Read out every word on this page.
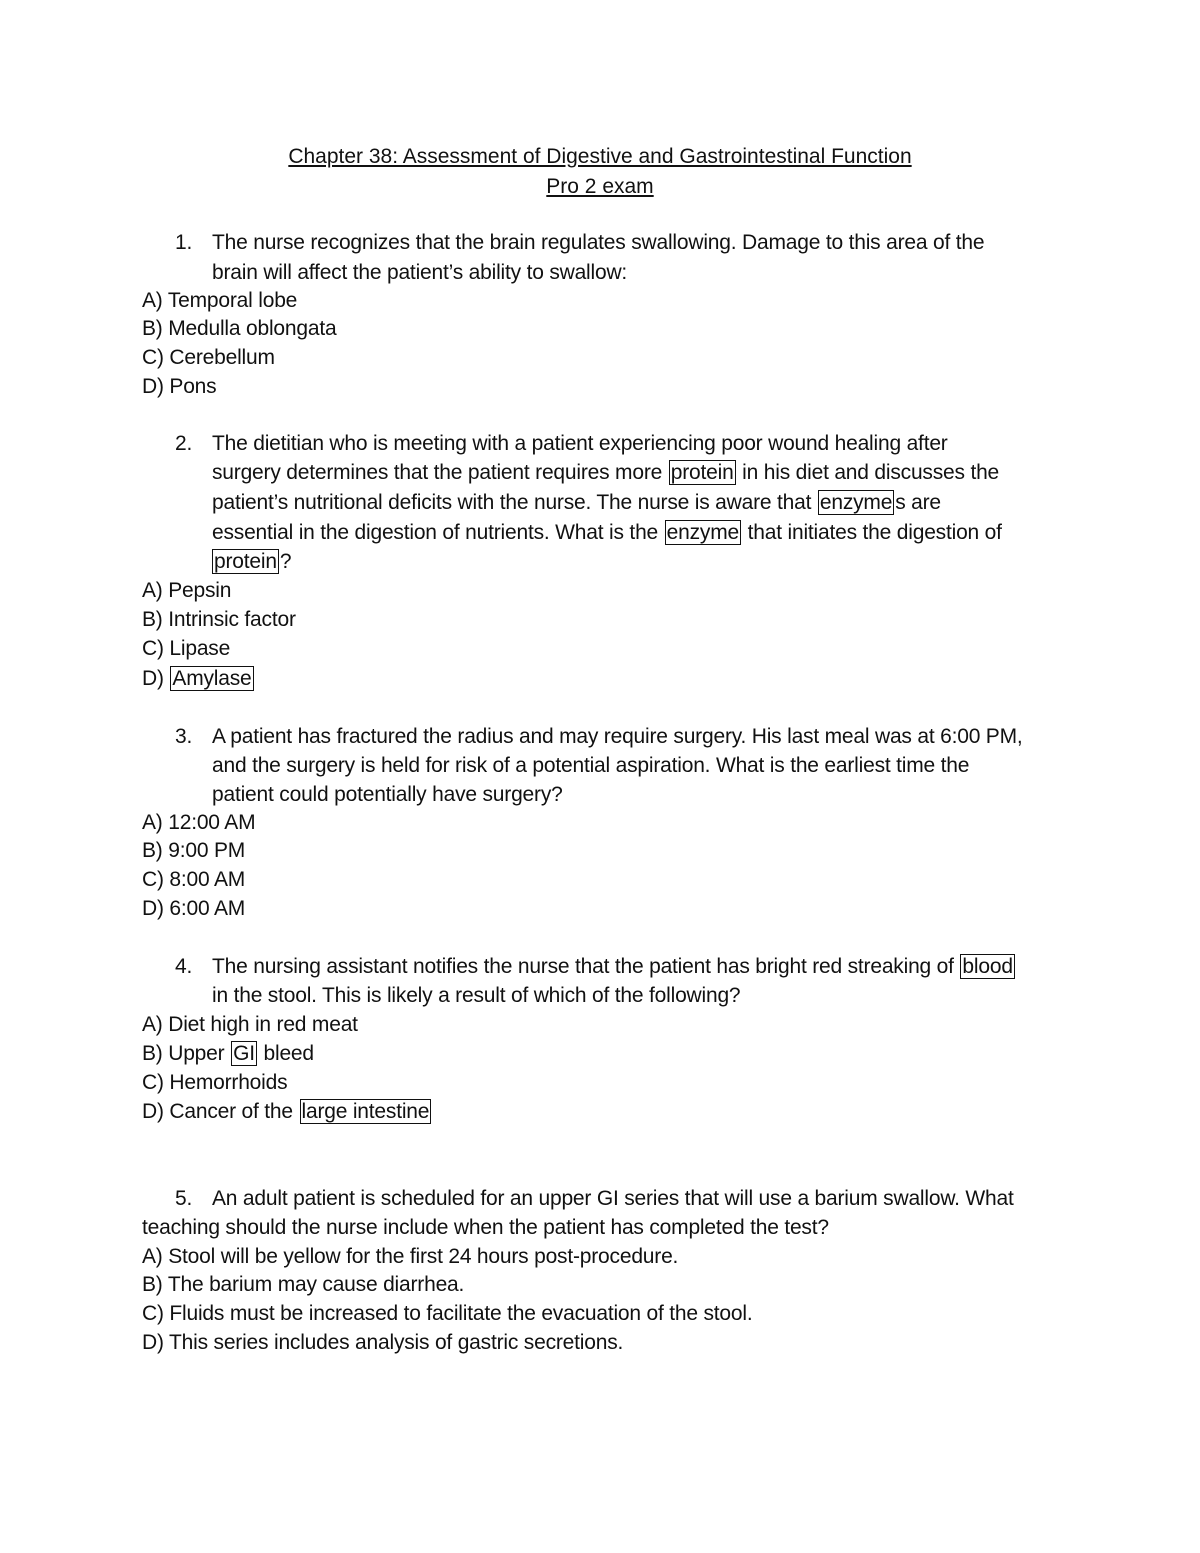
Chapter 38: Assessment of Digestive and Gastrointestinal Function
Pro 2 exam
1. The nurse recognizes that the brain regulates swallowing. Damage to this area of the
brain will affect the patient’s ability to swallow:
A) Temporal lobe
B) Medulla oblongata
C) Cerebellum
D) Pons
2. The dietitian who is meeting with a patient experiencing poor wound healing after
surgery determines that the patient requires more protein in his diet and discusses the
patient’s nutritional deficits with the nurse. The nurse is aware that enzyme s are
essential in the digestion of nutrients. What is the enzyme that initiates the digestion of
protein ?
A) Pepsin
B) Intrinsic factor
C) Lipase
D) Amylase
3. A patient has fractured the radius and may require surgery. His last meal was at 6:00 PM,
and the surgery is held for risk of a potential aspiration. What is the earliest time the
patient could potentially have surgery?
A) 12:00 AM
B) 9:00 PM
C) 8:00 AM
D) 6:00 AM
4. The nursing assistant notifies the nurse that the patient has bright red streaking of blood
in the stool. This is likely a result of which of the following?
A) Diet high in red meat
B) Upper GI bleed
C) Hemorrhoids
D) Cancer of the large intestine
5. An adult patient is scheduled for an upper GI series that will use a barium swallow. What
teaching should the nurse include when the patient has completed the test?
A) Stool will be yellow for the first 24 hours post-procedure.
B) The barium may cause diarrhea.
C) Fluids must be increased to facilitate the evacuation of the stool.
D) This series includes analysis of gastric secretions.
